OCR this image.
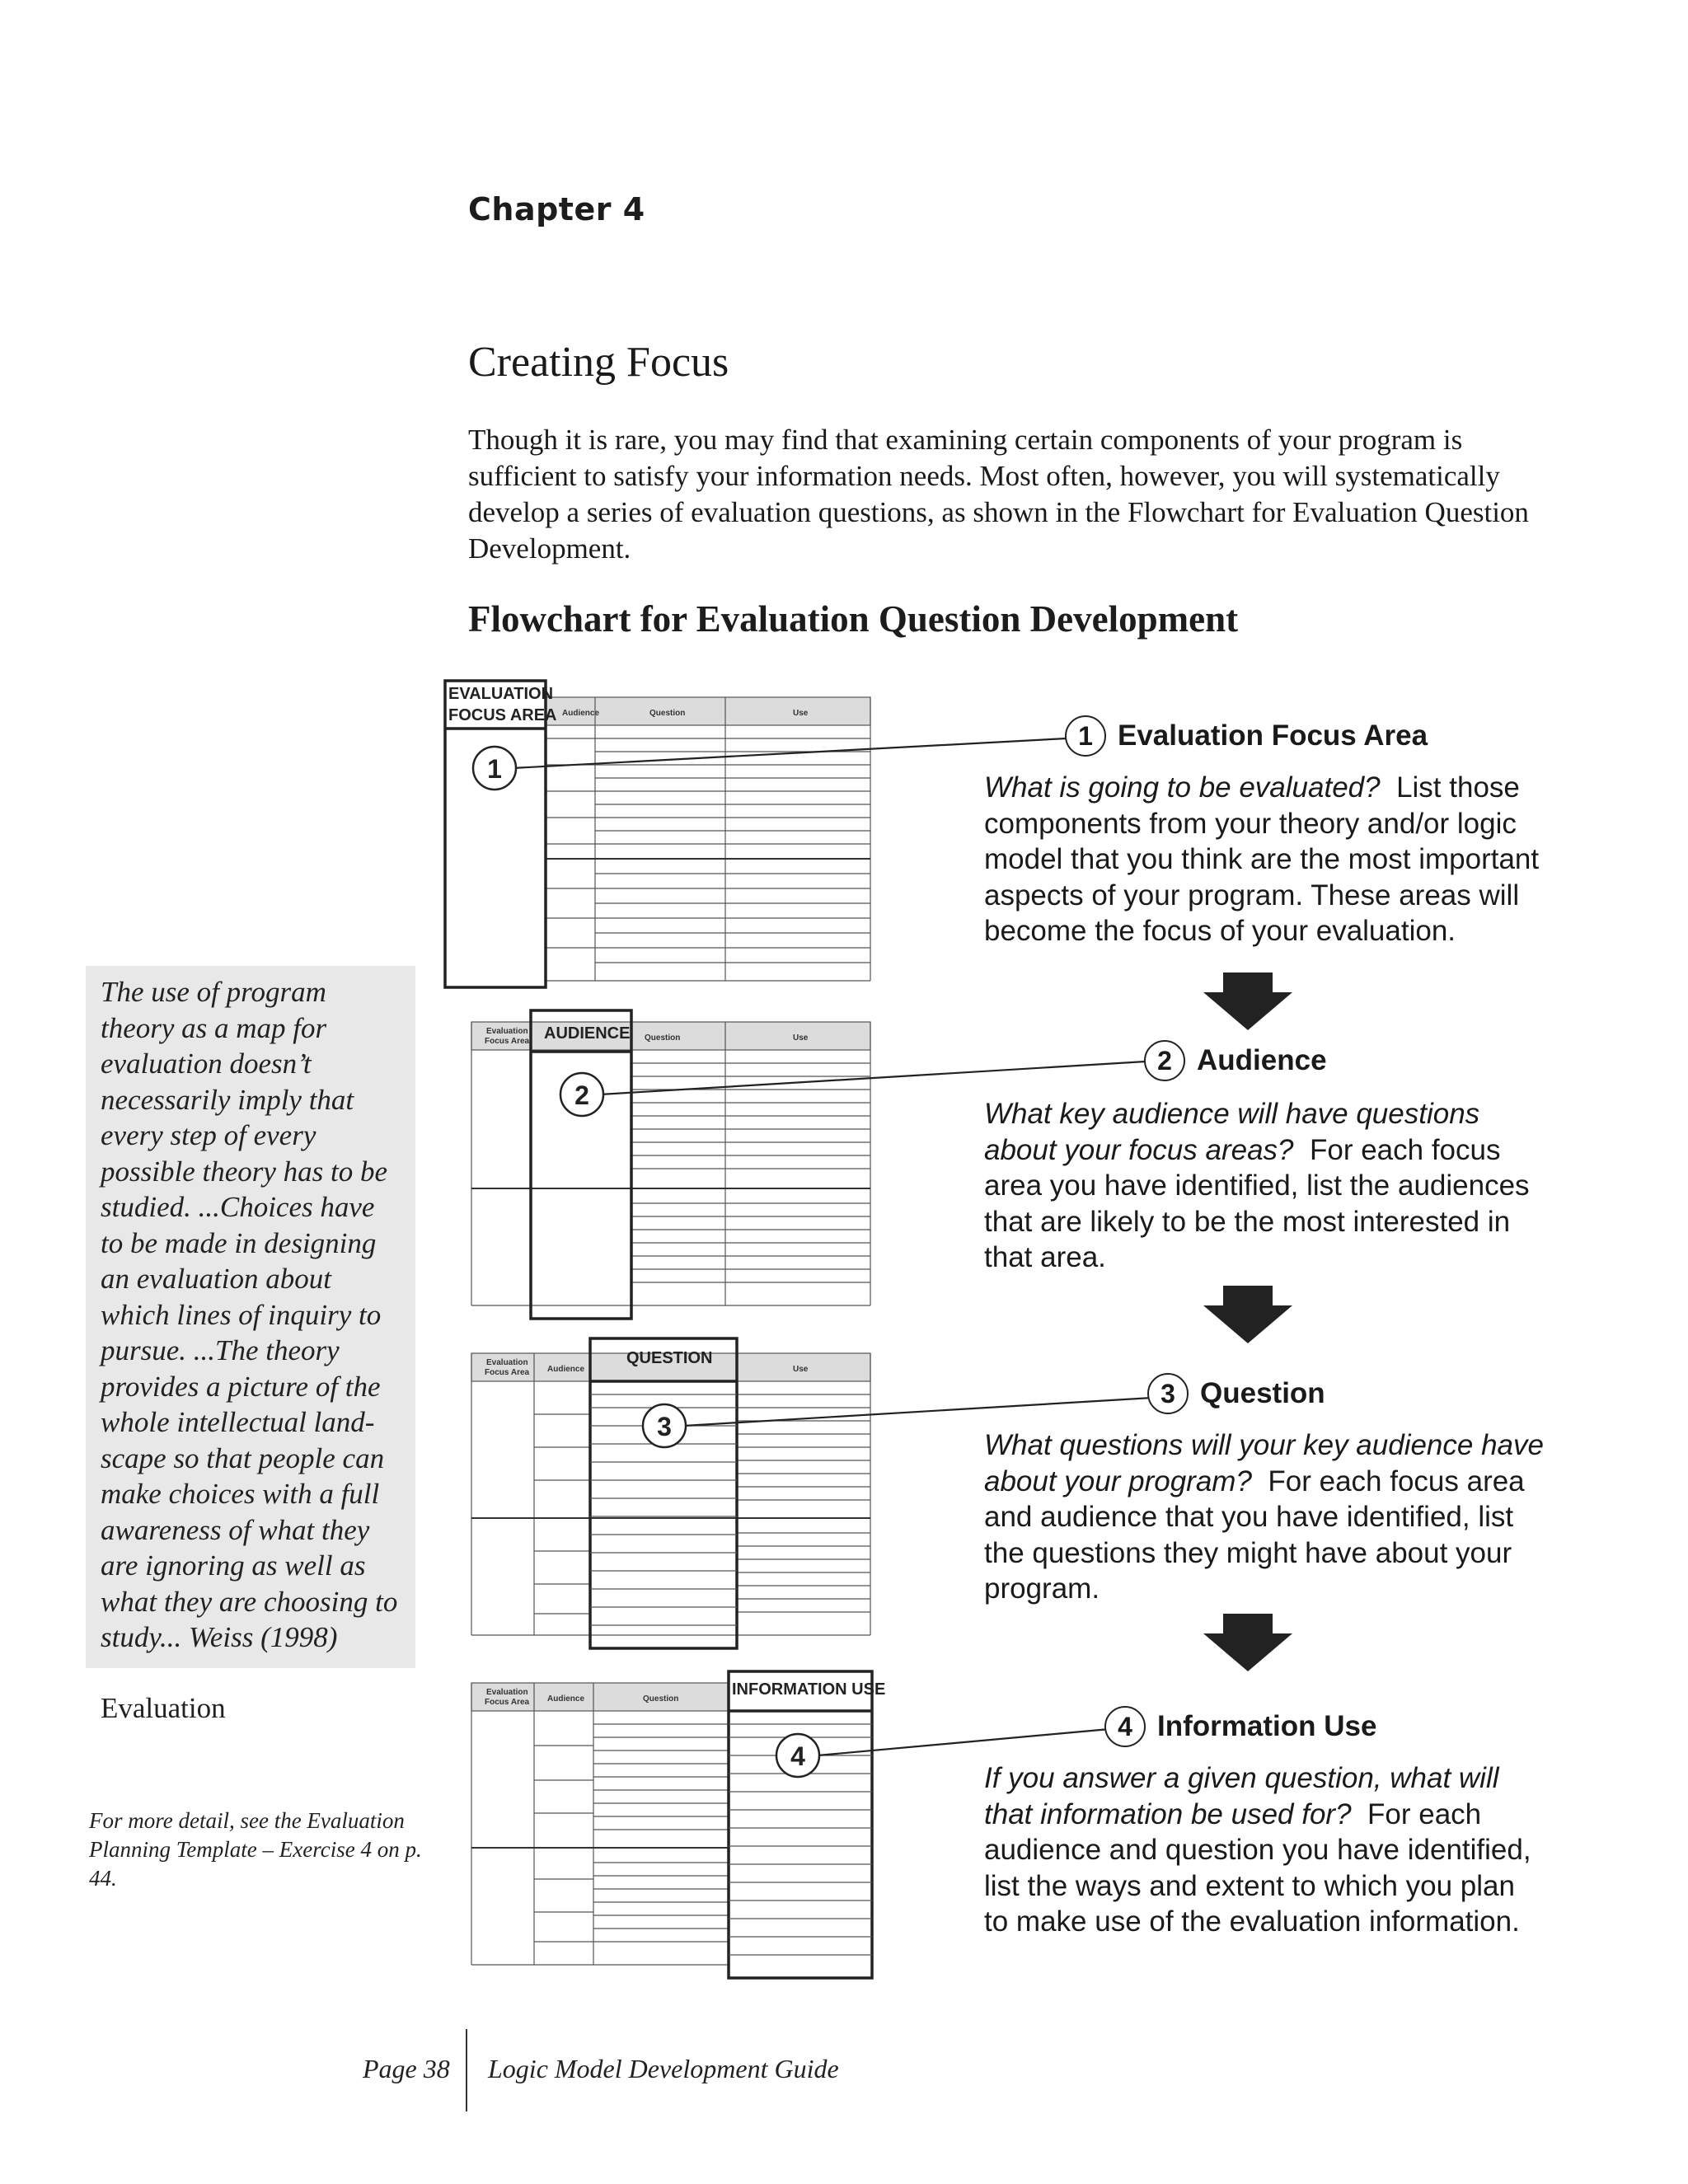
Chapter 4
Creating Focus
Though it is rare, you may find that examining certain components of your program is sufficient to satisfy your information needs. Most often, however, you will systematically develop a series of evaluation questions, as shown in the Flowchart for Evaluation Question Development.
Flowchart for Evaluation Question Development
The use of program theory as a map for evaluation doesn’t necessarily imply that every step of every possible theory has to be studied. ...Choices have to be made in designing an evaluation about which lines of inquiry to pursue. ...The theory provides a picture of the whole intellectual land-scape so that people can make choices with a full awareness of what they are ignoring as well as what they are choosing to study... Weiss (1998)
Evaluation
For more detail, see the Evaluation Planning Template – Exercise 4 on p. 44.
Audience	Question	Use
EVALUATION
FOCUS AREA
Evaluation
Focus Area	Question	Use
AUDIENCE
Evaluation
Focus Area Audience	Use
QUESTION
Evaluation
Focus Area Audience	Question
INFORMATION USE
1
2
3
4
1 Evaluation Focus Area
What is going to be evaluated? List those components from your theory and/or logic model that you think are the most important aspects of your program. These areas will become the focus of your evaluation.
2 Audience
What key audience will have questions about your focus areas? For each focus area you have identified, list the audiences that are likely to be the most interested in that area.
3 Question
What questions will your key audience have about your program? For each focus area and audience that you have identified, list the questions they might have about your program.
4 Information Use
If you answer a given question, what will that information be used for? For each audience and question you have identified, list the ways and extent to which you plan to make use of the evaluation information.
Page 38 Logic Model Development Guide
